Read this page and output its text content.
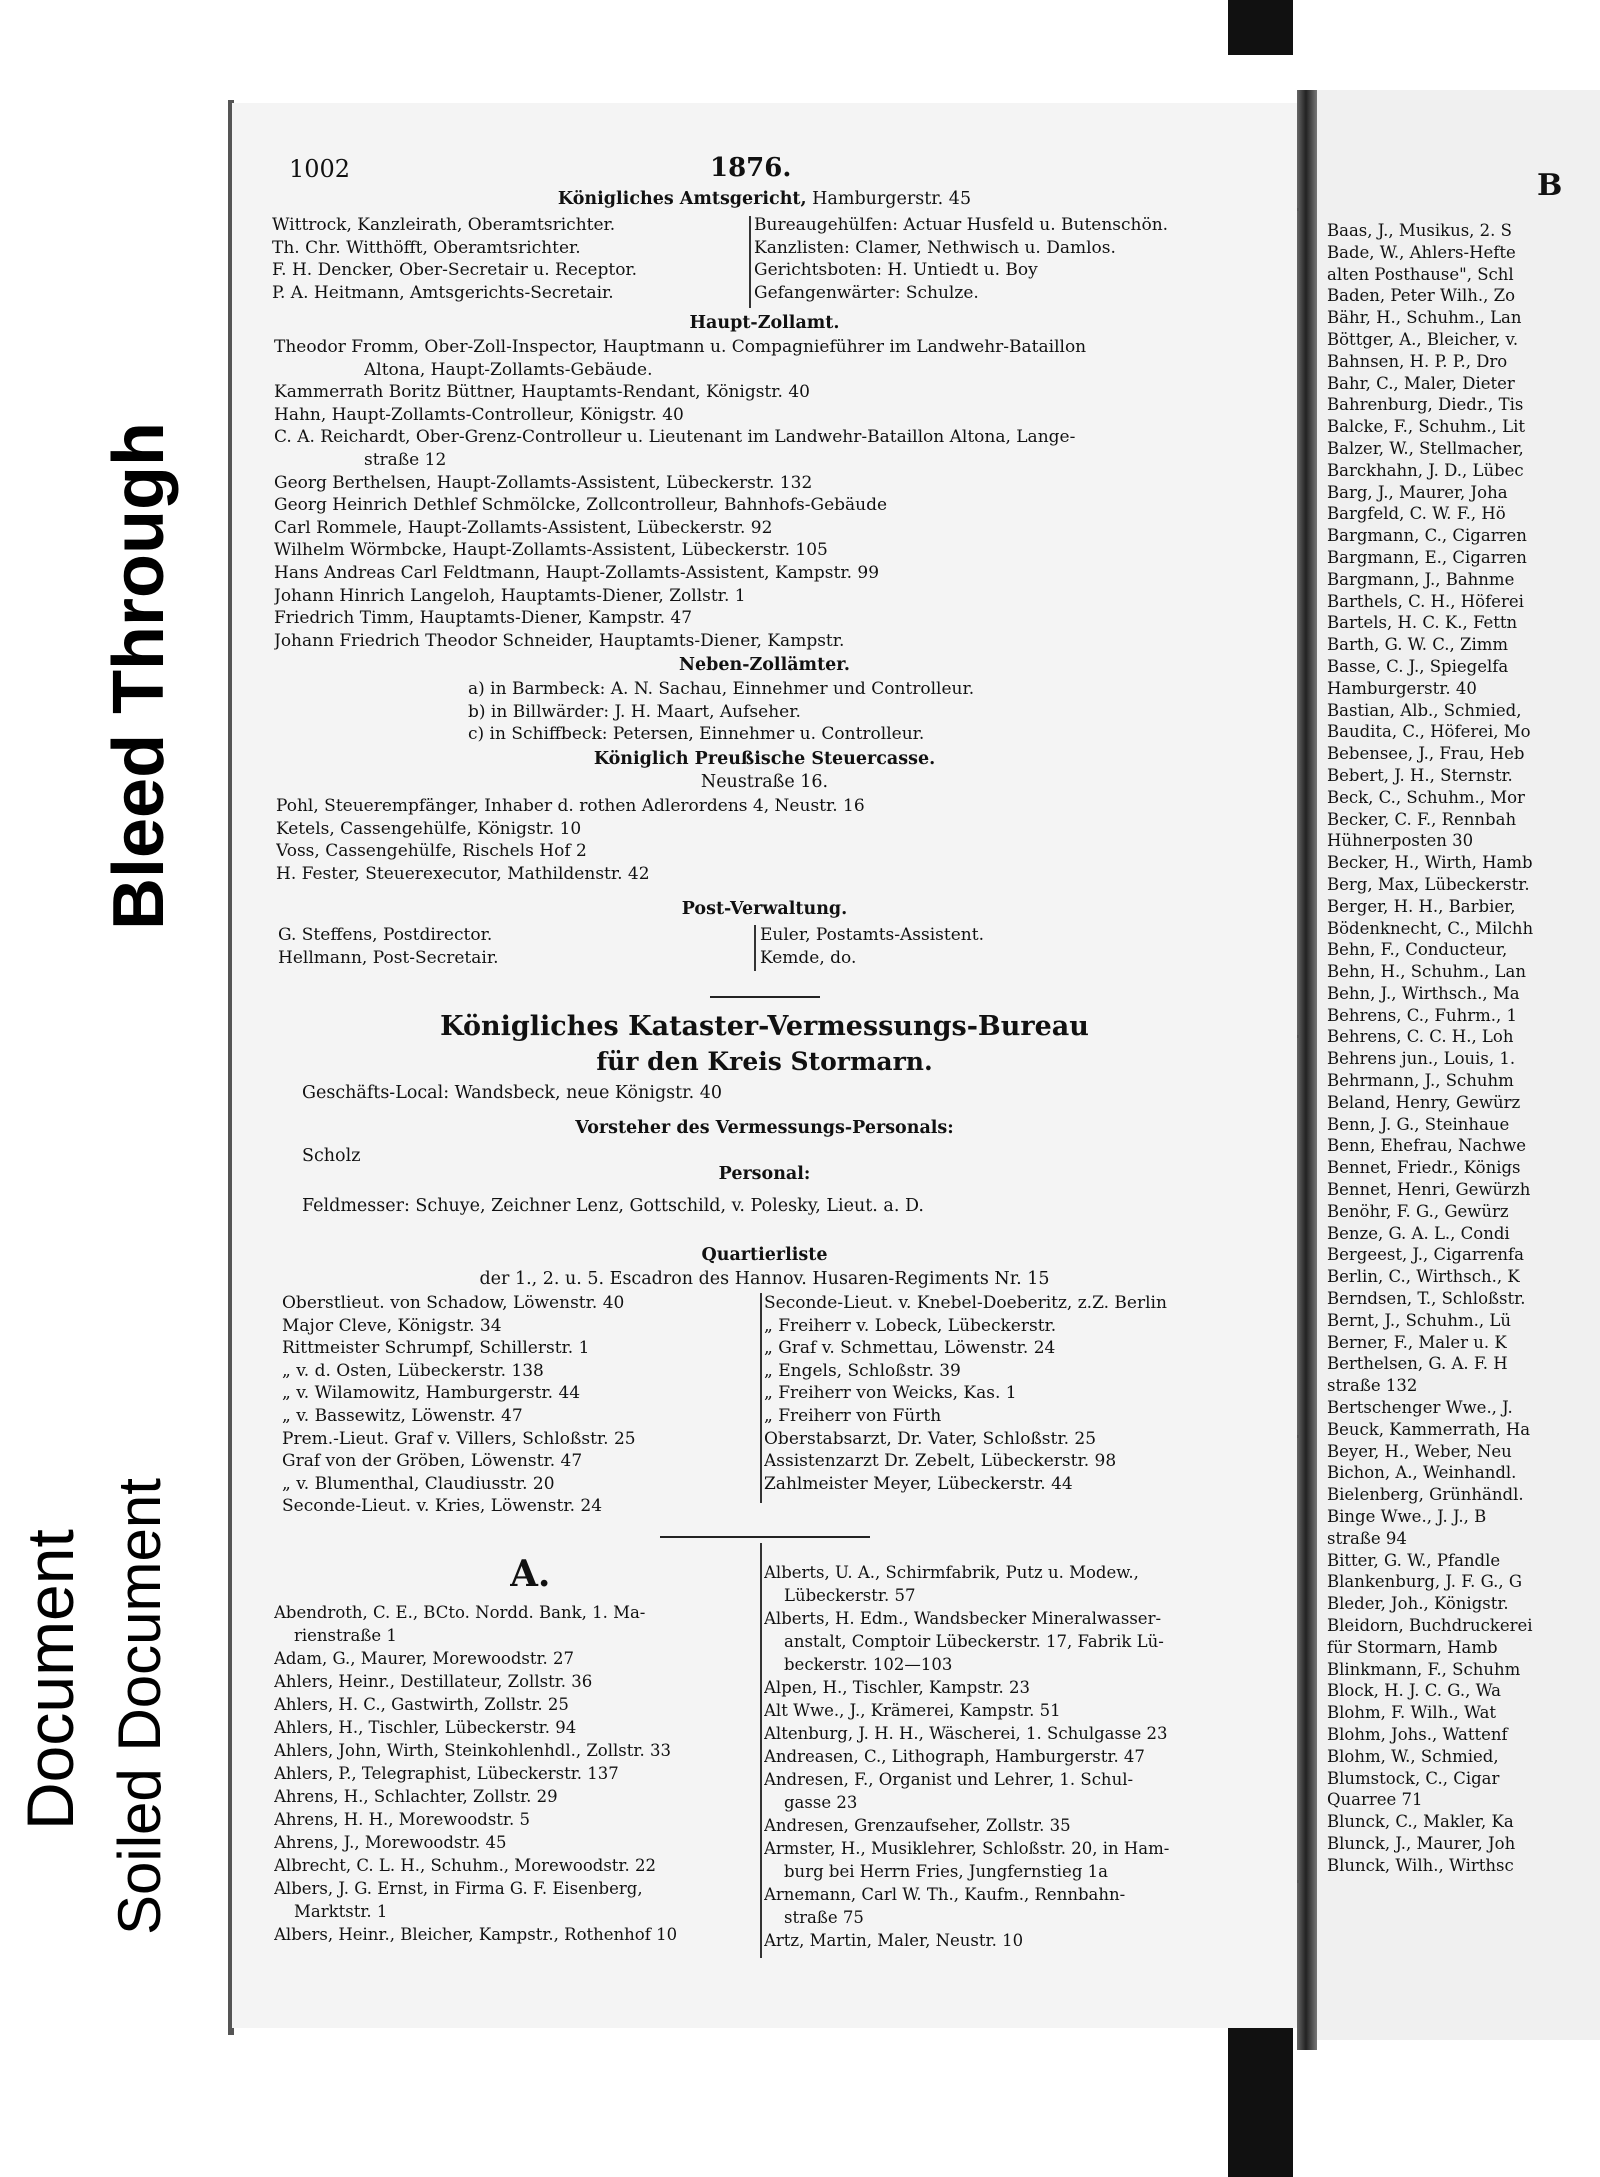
Bleed Through
Document Soiled Document
B
Baas, J., Musikus, 2. S
Bade, W., Ahlers-Hefte
alten Posthause", Schl
Baden, Peter Wilh., Zo
Bähr, H., Schuhm., Lan
Böttger, A., Bleicher, v.
Bahnsen, H. P. P., Dro
Bahr, C., Maler, Dieter
Bahrenburg, Diedr., Tis
Balcke, F., Schuhm., Lit
Balzer, W., Stellmacher,
Barckhahn, J. D., Lübec
Barg, J., Maurer, Joha
Bargfeld, C. W. F., Hö
Bargmann, C., Cigarren
Bargmann, E., Cigarren
Bargmann, J., Bahnme
Barthels, C. H., Höferei
Bartels, H. C. K., Fettn
Barth, G. W. C., Zimm
Basse, C. J., Spiegelfa
Hamburgerstr. 40
Bastian, Alb., Schmied,
Baudita, C., Höferei, Mo
Bebensee, J., Frau, Heb
Bebert, J. H., Sternstr.
Beck, C., Schuhm., Mor
Becker, C. F., Rennbah
Hühnerposten 30
Becker, H., Wirth, Hamb
Berg, Max, Lübeckerstr.
Berger, H. H., Barbier,
Bödenknecht, C., Milchh
Behn, F., Conducteur,
Behn, H., Schuhm., Lan
Behn, J., Wirthsch., Ma
Behrens, C., Fuhrm., 1
Behrens, C. C. H., Loh
Behrens jun., Louis, 1.
Behrmann, J., Schuhm
Beland, Henry, Gewürz
Benn, J. G., Steinhaue
Benn, Ehefrau, Nachwe
Bennet, Friedr., Königs
Bennet, Henri, Gewürzh
Benöhr, F. G., Gewürz
Benze, G. A. L., Condi
Bergeest, J., Cigarrenfa
Berlin, C., Wirthsch., K
Berndsen, T., Schloßstr.
Bernt, J., Schuhm., Lü
Berner, F., Maler u. K
Berthelsen, G. A. F. H
straße 132
Bertschenger Wwe., J.
Beuck, Kammerrath, Ha
Beyer, H., Weber, Neu
Bichon, A., Weinhandl.
Bielenberg, Grünhändl.
Binge Wwe., J. J., B
straße 94
Bitter, G. W., Pfandle
Blankenburg, J. F. G., G
Bleder, Joh., Königstr.
Bleidorn, Buchdruckerei
für Stormarn, Hamb
Blinkmann, F., Schuhm
Block, H. J. C. G., Wa
Blohm, F. Wilh., Wat
Blohm, Johs., Wattenf
Blohm, W., Schmied,
Blumstock, C., Cigar
Quarree 71
Blunck, C., Makler, Ka
Blunck, J., Maurer, Joh
Blunck, Wilh., Wirthsc
1002	1876.
Königliches Amtsgericht, Hamburgerstr. 45
Wittrock, Kanzleirath, Oberamtsrichter.
Th. Chr. Witthöfft, Oberamtsrichter.
F. H. Dencker, Ober-Secretair u. Receptor.
P. A. Heitmann, Amtsgerichts-Secretair.
Bureaugehülfen: Actuar Husfeld u. Butenschön.
Kanzlisten: Clamer, Nethwisch u. Damlos.
Gerichtsboten: H. Untiedt u. Boy
Gefangenwärter: Schulze.
Haupt-Zollamt.
Theodor Fromm, Ober-Zoll-Inspector, Hauptmann u. Compagnieführer im Landwehr-Bataillon
Altona, Haupt-Zollamts-Gebäude.
Kammerrath Boritz Büttner, Hauptamts-Rendant, Königstr. 40
Hahn, Haupt-Zollamts-Controlleur, Königstr. 40
C. A. Reichardt, Ober-Grenz-Controlleur u. Lieutenant im Landwehr-Bataillon Altona, Lange-
straße 12
Georg Berthelsen, Haupt-Zollamts-Assistent, Lübeckerstr. 132
Georg Heinrich Dethlef Schmölcke, Zollcontrolleur, Bahnhofs-Gebäude
Carl Rommele, Haupt-Zollamts-Assistent, Lübeckerstr. 92
Wilhelm Wörmbcke, Haupt-Zollamts-Assistent, Lübeckerstr. 105
Hans Andreas Carl Feldtmann, Haupt-Zollamts-Assistent, Kampstr. 99
Johann Hinrich Langeloh, Hauptamts-Diener, Zollstr. 1
Friedrich Timm, Hauptamts-Diener, Kampstr. 47
Johann Friedrich Theodor Schneider, Hauptamts-Diener, Kampstr.
Neben-Zollämter.
a) in Barmbeck: A. N. Sachau, Einnehmer und Controlleur.
b) in Billwärder: J. H. Maart, Aufseher.
c) in Schiffbeck: Petersen, Einnehmer u. Controlleur.
Königlich Preußische Steuercasse.
Neustraße 16.
Pohl, Steuerempfänger, Inhaber d. rothen Adlerordens 4, Neustr. 16
Ketels, Cassengehülfe, Königstr. 10
Voss, Cassengehülfe, Rischels Hof 2
H. Fester, Steuerexecutor, Mathildenstr. 42
Post-Verwaltung.
G. Steffens, Postdirector.
Hellmann, Post-Secretair.
Euler, Postamts-Assistent.
Kemde, do.
Königliches Kataster-Vermessungs-Bureau
für den Kreis Stormarn.
Geschäfts-Local: Wandsbeck, neue Königstr. 40
Vorsteher des Vermessungs-Personals:
Scholz
Personal:
Feldmesser: Schuye, Zeichner Lenz, Gottschild, v. Polesky, Lieut. a. D.
Quartierliste
der 1., 2. u. 5. Escadron des Hannov. Husaren-Regiments Nr. 15
Oberstlieut. von Schadow, Löwenstr. 40
Major Cleve, Königstr. 34
Rittmeister Schrumpf, Schillerstr. 1
„ v. d. Osten, Lübeckerstr. 138
„ v. Wilamowitz, Hamburgerstr. 44
„ v. Bassewitz, Löwenstr. 47
Prem.-Lieut. Graf v. Villers, Schloßstr. 25
Graf von der Gröben, Löwenstr. 47
„ v. Blumenthal, Claudiusstr. 20
Seconde-Lieut. v. Kries, Löwenstr. 24
Seconde-Lieut. v. Knebel-Doeberitz, z.Z. Berlin
„ Freiherr v. Lobeck, Lübeckerstr.
„ Graf v. Schmettau, Löwenstr. 24
„ Engels, Schloßstr. 39
„ Freiherr von Weicks, Kas. 1
„ Freiherr von Fürth
Oberstabsarzt, Dr. Vater, Schloßstr. 25
Assistenzarzt Dr. Zebelt, Lübeckerstr. 98
Zahlmeister Meyer, Lübeckerstr. 44
A.
Abendroth, C. E., BCto. Nordd. Bank, 1. Ma-
rienstraße 1
Adam, G., Maurer, Morewoodstr. 27
Ahlers, Heinr., Destillateur, Zollstr. 36
Ahlers, H. C., Gastwirth, Zollstr. 25
Ahlers, H., Tischler, Lübeckerstr. 94
Ahlers, John, Wirth, Steinkohlenhdl., Zollstr. 33
Ahlers, P., Telegraphist, Lübeckerstr. 137
Ahrens, H., Schlachter, Zollstr. 29
Ahrens, H. H., Morewoodstr. 5
Ahrens, J., Morewoodstr. 45
Albrecht, C. L. H., Schuhm., Morewoodstr. 22
Albers, J. G. Ernst, in Firma G. F. Eisenberg,
Marktstr. 1
Albers, Heinr., Bleicher, Kampstr., Rothenhof 10
Alberts, U. A., Schirmfabrik, Putz u. Modew.,
Lübeckerstr. 57
Alberts, H. Edm., Wandsbecker Mineralwasser-
anstalt, Comptoir Lübeckerstr. 17, Fabrik Lü-
beckerstr. 102—103
Alpen, H., Tischler, Kampstr. 23
Alt Wwe., J., Krämerei, Kampstr. 51
Altenburg, J. H. H., Wäscherei, 1. Schulgasse 23
Andreasen, C., Lithograph, Hamburgerstr. 47
Andresen, F., Organist und Lehrer, 1. Schul-
gasse 23
Andresen, Grenzaufseher, Zollstr. 35
Armster, H., Musiklehrer, Schloßstr. 20, in Ham-
burg bei Herrn Fries, Jungfernstieg 1a
Arnemann, Carl W. Th., Kaufm., Rennbahn-
straße 75
Artz, Martin, Maler, Neustr. 10
